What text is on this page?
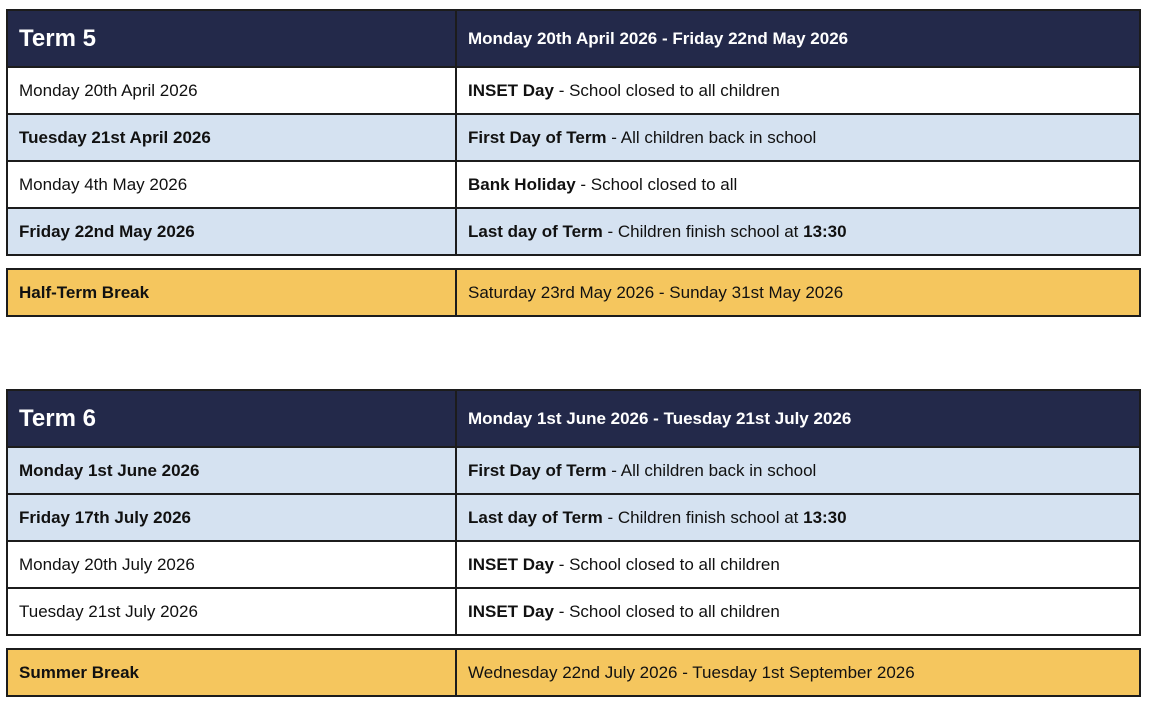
Term 5	Monday 20th April 2026 - Friday 22nd May 2026
Monday 20th April 2026	INSET Day - School closed to all children
Tuesday 21st April 2026	First Day of Term - All children back in school
Monday 4th May 2026	Bank Holiday - School closed to all
Friday 22nd May 2026	Last day of Term - Children finish school at 13:30
Half-Term Break	Saturday 23rd May 2026 - Sunday 31st May 2026
Term 6	Monday 1st June 2026 - Tuesday 21st July 2026
Monday 1st June 2026	First Day of Term - All children back in school
Friday 17th July 2026	Last day of Term - Children finish school at 13:30
Monday 20th July 2026	INSET Day - School closed to all children
Tuesday 21st July 2026	INSET Day - School closed to all children
Summer Break	Wednesday 22nd July 2026 - Tuesday 1st September 2026
